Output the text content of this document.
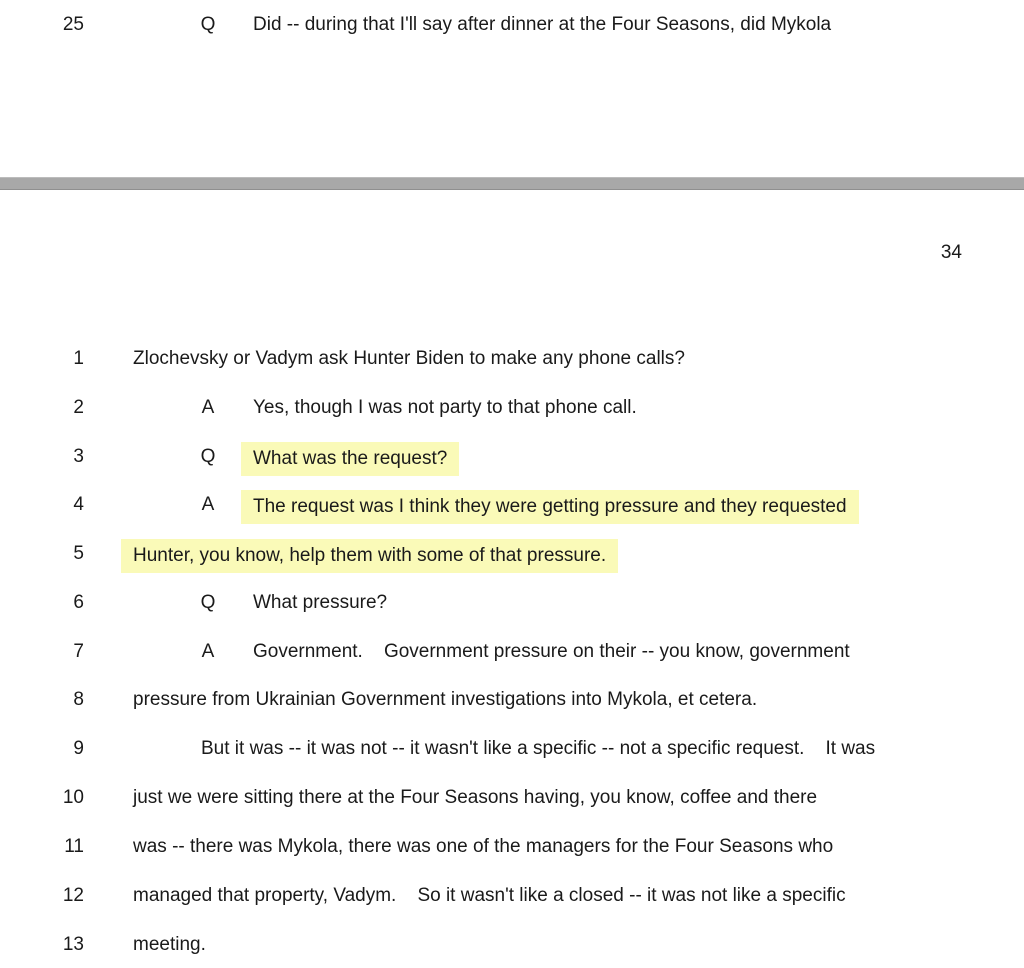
25	Q	Did -- during that I'll say after dinner at the Four Seasons, did Mykola
34
1	Zlochevsky or Vadym ask Hunter Biden to make any phone calls?
2	A	Yes, though I was not party to that phone call.
3	Q	What was the request?
4	A	The request was I think they were getting pressure and they requested
5	Hunter, you know, help them with some of that pressure.
6	Q	What pressure?
7	A	Government.    Government pressure on their -- you know, government
8	pressure from Ukrainian Government investigations into Mykola, et cetera.
9	But it was -- it was not -- it wasn't like a specific -- not a specific request.    It was
10	just we were sitting there at the Four Seasons having, you know, coffee and there
11	was -- there was Mykola, there was one of the managers for the Four Seasons who
12	managed that property, Vadym.    So it wasn't like a closed -- it was not like a specific
13	meeting.
